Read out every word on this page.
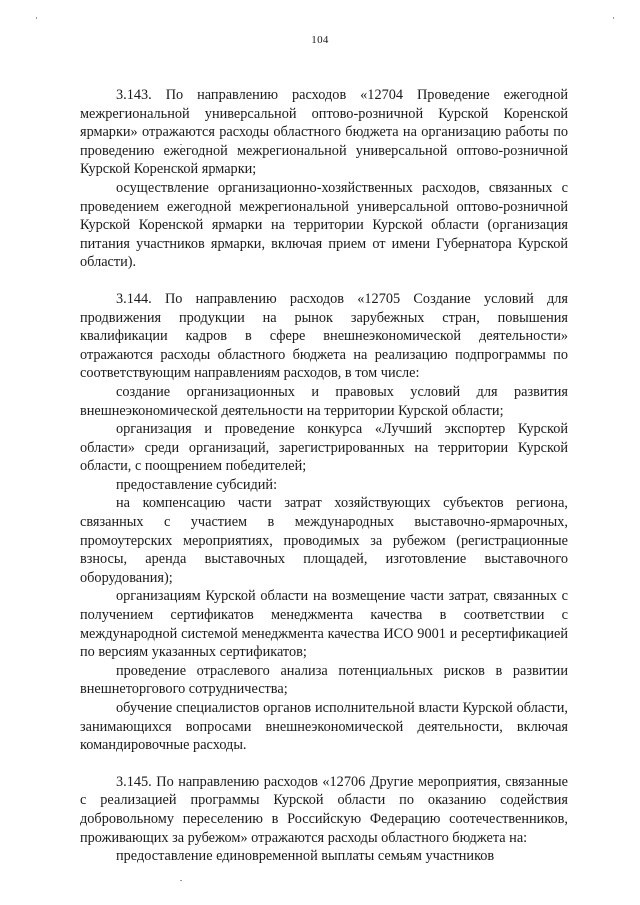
104

3.143. По направлению расходов «12704 Проведение ежегодной межрегиональной универсальной оптово-розничной Курской Коренской ярмарки» отражаются расходы областного бюджета на организацию работы по проведению ежегодной межрегиональной универсальной оптово-розничной Курской Коренской ярмарки;

осуществление организационно-хозяйственных расходов, связанных с проведением ежегодной межрегиональной универсальной оптово-розничной Курской Коренской ярмарки на территории Курской области (организация питания участников ярмарки, включая прием от имени Губернатора Курской области).

3.144. По направлению расходов «12705 Создание условий для продвижения продукции на рынок зарубежных стран, повышения квалификации кадров в сфере внешнеэкономической деятельности» отражаются расходы областного бюджета на реализацию подпрограммы по соответствующим направлениям расходов, в том числе:

создание организационных и правовых условий для развития внешнеэкономической деятельности на территории Курской области;

организация и проведение конкурса «Лучший экспортер Курской области» среди организаций, зарегистрированных на территории Курской области, с поощрением победителей;

предоставление субсидий:

на компенсацию части затрат хозяйствующих субъектов региона, связанных с участием в международных выставочно-ярмарочных, промоутерских мероприятиях, проводимых за рубежом (регистрационные взносы, аренда выставочных площадей, изготовление выставочного оборудования);

организациям Курской области на возмещение части затрат, связанных с получением сертификатов менеджмента качества в соответствии с международной системой менеджмента качества ИСО 9001 и ресертификацией по версиям указанных сертификатов;

проведение отраслевого анализа потенциальных рисков в развитии внешнеторгового сотрудничества;

обучение специалистов органов исполнительной власти Курской области, занимающихся вопросами внешнеэкономической деятельности, включая командировочные расходы.

3.145. По направлению расходов «12706 Другие мероприятия, связанные с реализацией программы Курской области по оказанию содействия добровольному переселению в Российскую Федерацию соотечественников, проживающих за рубежом» отражаются расходы областного бюджета на:

предоставление единовременной выплаты семьям участников
